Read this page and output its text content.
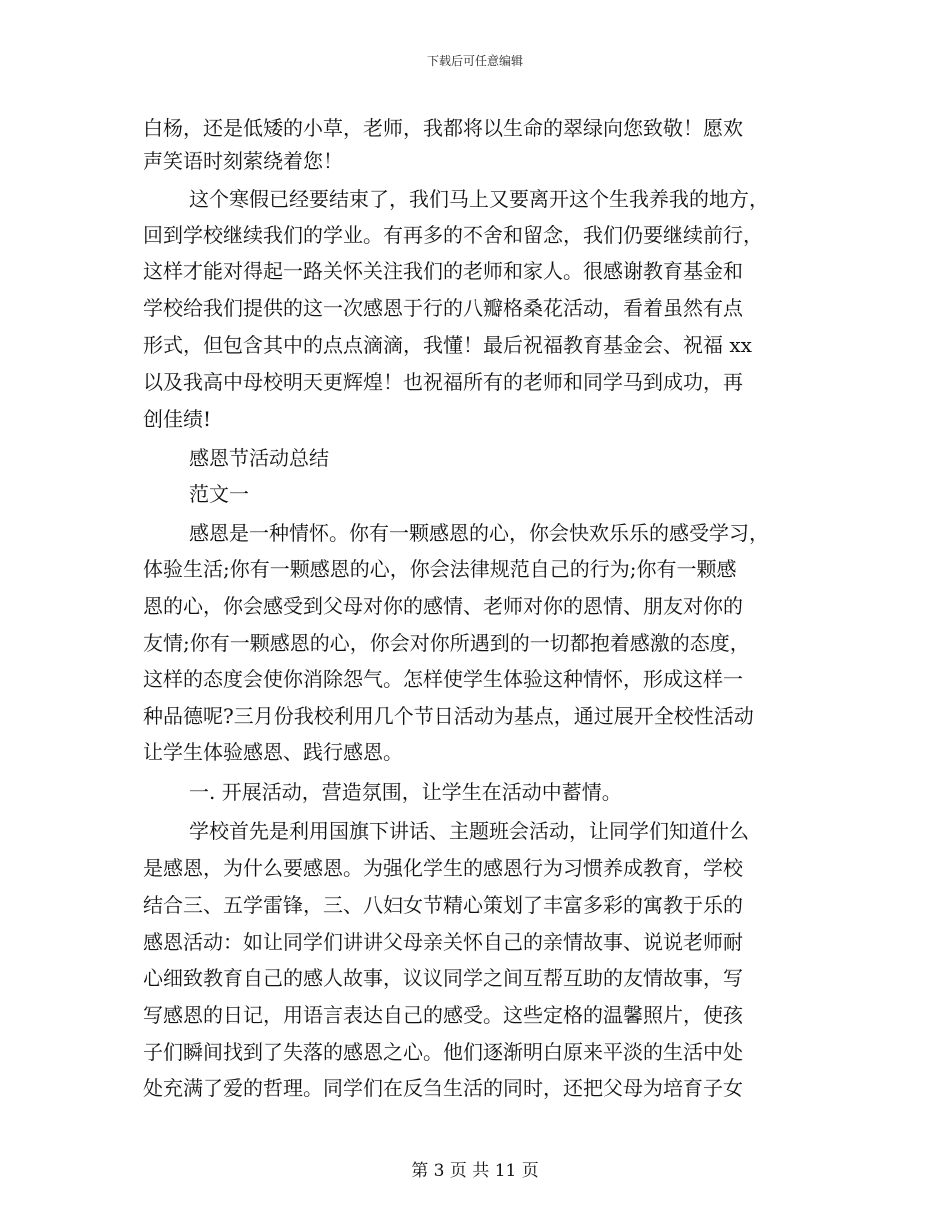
下载后可任意编辑
白杨，还是低矮的小草，老师，我都将以生命的翠绿向您致敬！愿欢
声笑语时刻萦绕着您！
这个寒假已经要结束了，我们马上又要离开这个生我养我的地方，
回到学校继续我们的学业。有再多的不舍和留念，我们仍要继续前行，
这样才能对得起一路关怀关注我们的老师和家人。很感谢教育基金和
学校给我们提供的这一次感恩于行的八瓣格桑花活动，看着虽然有点
形式，但包含其中的点点滴滴，我懂！最后祝福教育基金会、祝福 xx
以及我高中母校明天更辉煌！也祝福所有的老师和同学马到成功，再
创佳绩!
感恩节活动总结
范文一
感恩是一种情怀。你有一颗感恩的心，你会快欢乐乐的感受学习，
体验生活;你有一颗感恩的心，你会法律规范自己的行为;你有一颗感
恩的心，你会感受到父母对你的感情、老师对你的恩情、朋友对你的
友情;你有一颗感恩的心，你会对你所遇到的一切都抱着感激的态度，
这样的态度会使你消除怨气。怎样使学生体验这种情怀，形成这样一
种品德呢?三月份我校利用几个节日活动为基点，通过展开全校性活动
让学生体验感恩、践行感恩。
一. 开展活动，营造氛围，让学生在活动中蓄情。
学校首先是利用国旗下讲话、主题班会活动，让同学们知道什么
是感恩，为什么要感恩。为强化学生的感恩行为习惯养成教育，学校
结合三、五学雷锋，三、八妇女节精心策划了丰富多彩的寓教于乐的
感恩活动：如让同学们讲讲父母亲关怀自己的亲情故事、说说老师耐
心细致教育自己的感人故事，议议同学之间互帮互助的友情故事，写
写感恩的日记，用语言表达自己的感受。这些定格的温馨照片，使孩
子们瞬间找到了失落的感恩之心。他们逐渐明白原来平淡的生活中处
处充满了爱的哲理。同学们在反刍生活的同时，还把父母为培育子女
第 3 页 共 11 页
